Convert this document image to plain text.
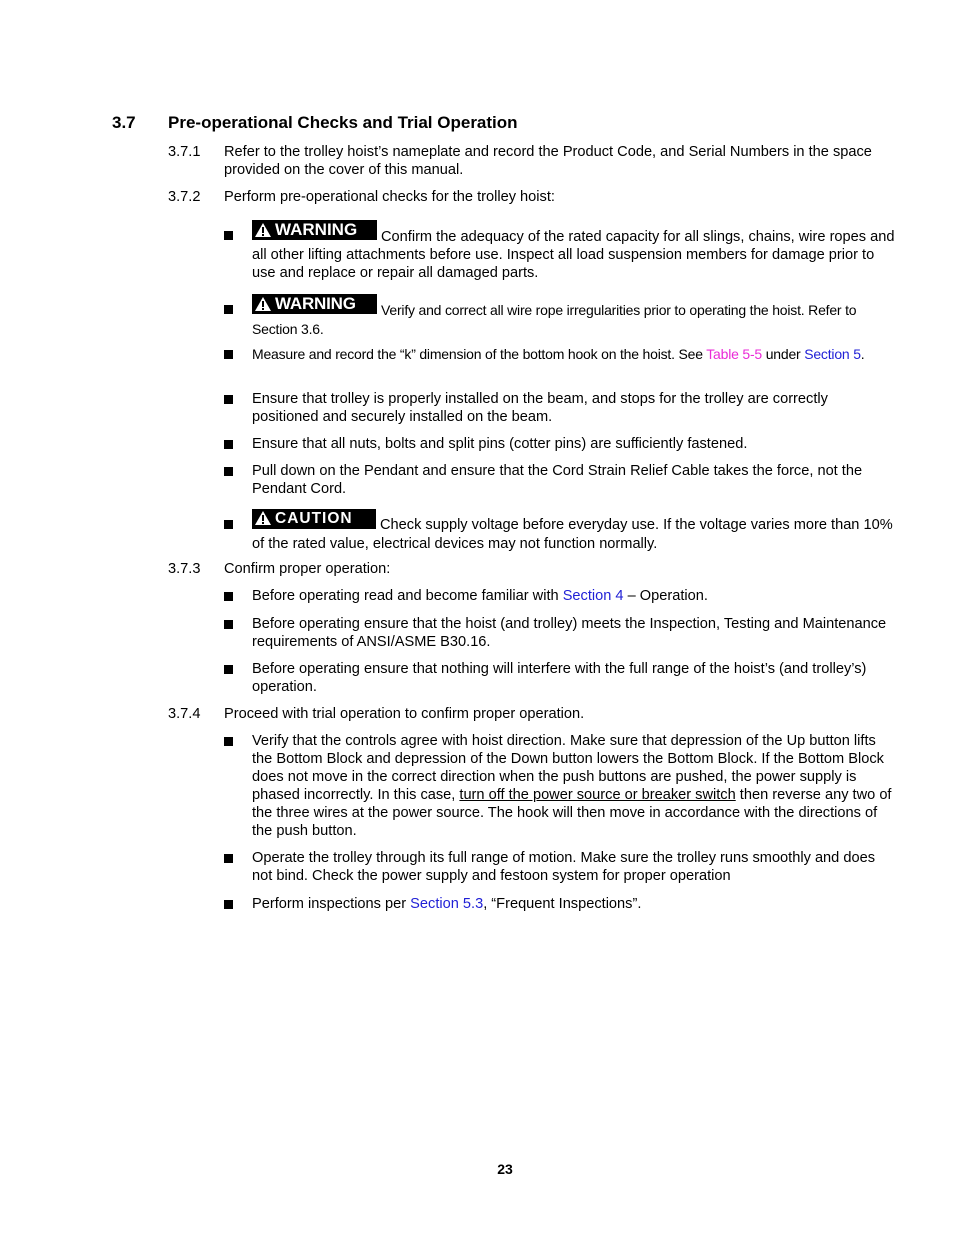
3.7 Pre-operational Checks and Trial Operation
3.7.1 Refer to the trolley hoist’s nameplate and record the Product Code, and Serial Numbers in the space provided on the cover of this manual.
3.7.2 Perform pre-operational checks for the trolley hoist:
WARNING Confirm the adequacy of the rated capacity for all slings, chains, wire ropes and all other lifting attachments before use. Inspect all load suspension members for damage prior to use and replace or repair all damaged parts.
WARNING Verify and correct all wire rope irregularities prior to operating the hoist. Refer to Section 3.6.
Measure and record the “k” dimension of the bottom hook on the hoist. See Table 5-5 under Section 5.
Ensure that trolley is properly installed on the beam, and stops for the trolley are correctly positioned and securely installed on the beam.
Ensure that all nuts, bolts and split pins (cotter pins) are sufficiently fastened.
Pull down on the Pendant and ensure that the Cord Strain Relief Cable takes the force, not the Pendant Cord.
CAUTION Check supply voltage before everyday use. If the voltage varies more than 10% of the rated value, electrical devices may not function normally.
3.7.3 Confirm proper operation:
Before operating read and become familiar with Section 4 – Operation.
Before operating ensure that the hoist (and trolley) meets the Inspection, Testing and Maintenance requirements of ANSI/ASME B30.16.
Before operating ensure that nothing will interfere with the full range of the hoist’s (and trolley’s) operation.
3.7.4 Proceed with trial operation to confirm proper operation.
Verify that the controls agree with hoist direction. Make sure that depression of the Up button lifts the Bottom Block and depression of the Down button lowers the Bottom Block. If the Bottom Block does not move in the correct direction when the push buttons are pushed, the power supply is phased incorrectly. In this case, turn off the power source or breaker switch then reverse any two of the three wires at the power source. The hook will then move in accordance with the directions of the push button.
Operate the trolley through its full range of motion. Make sure the trolley runs smoothly and does not bind. Check the power supply and festoon system for proper operation
Perform inspections per Section 5.3, “Frequent Inspections”.
23
